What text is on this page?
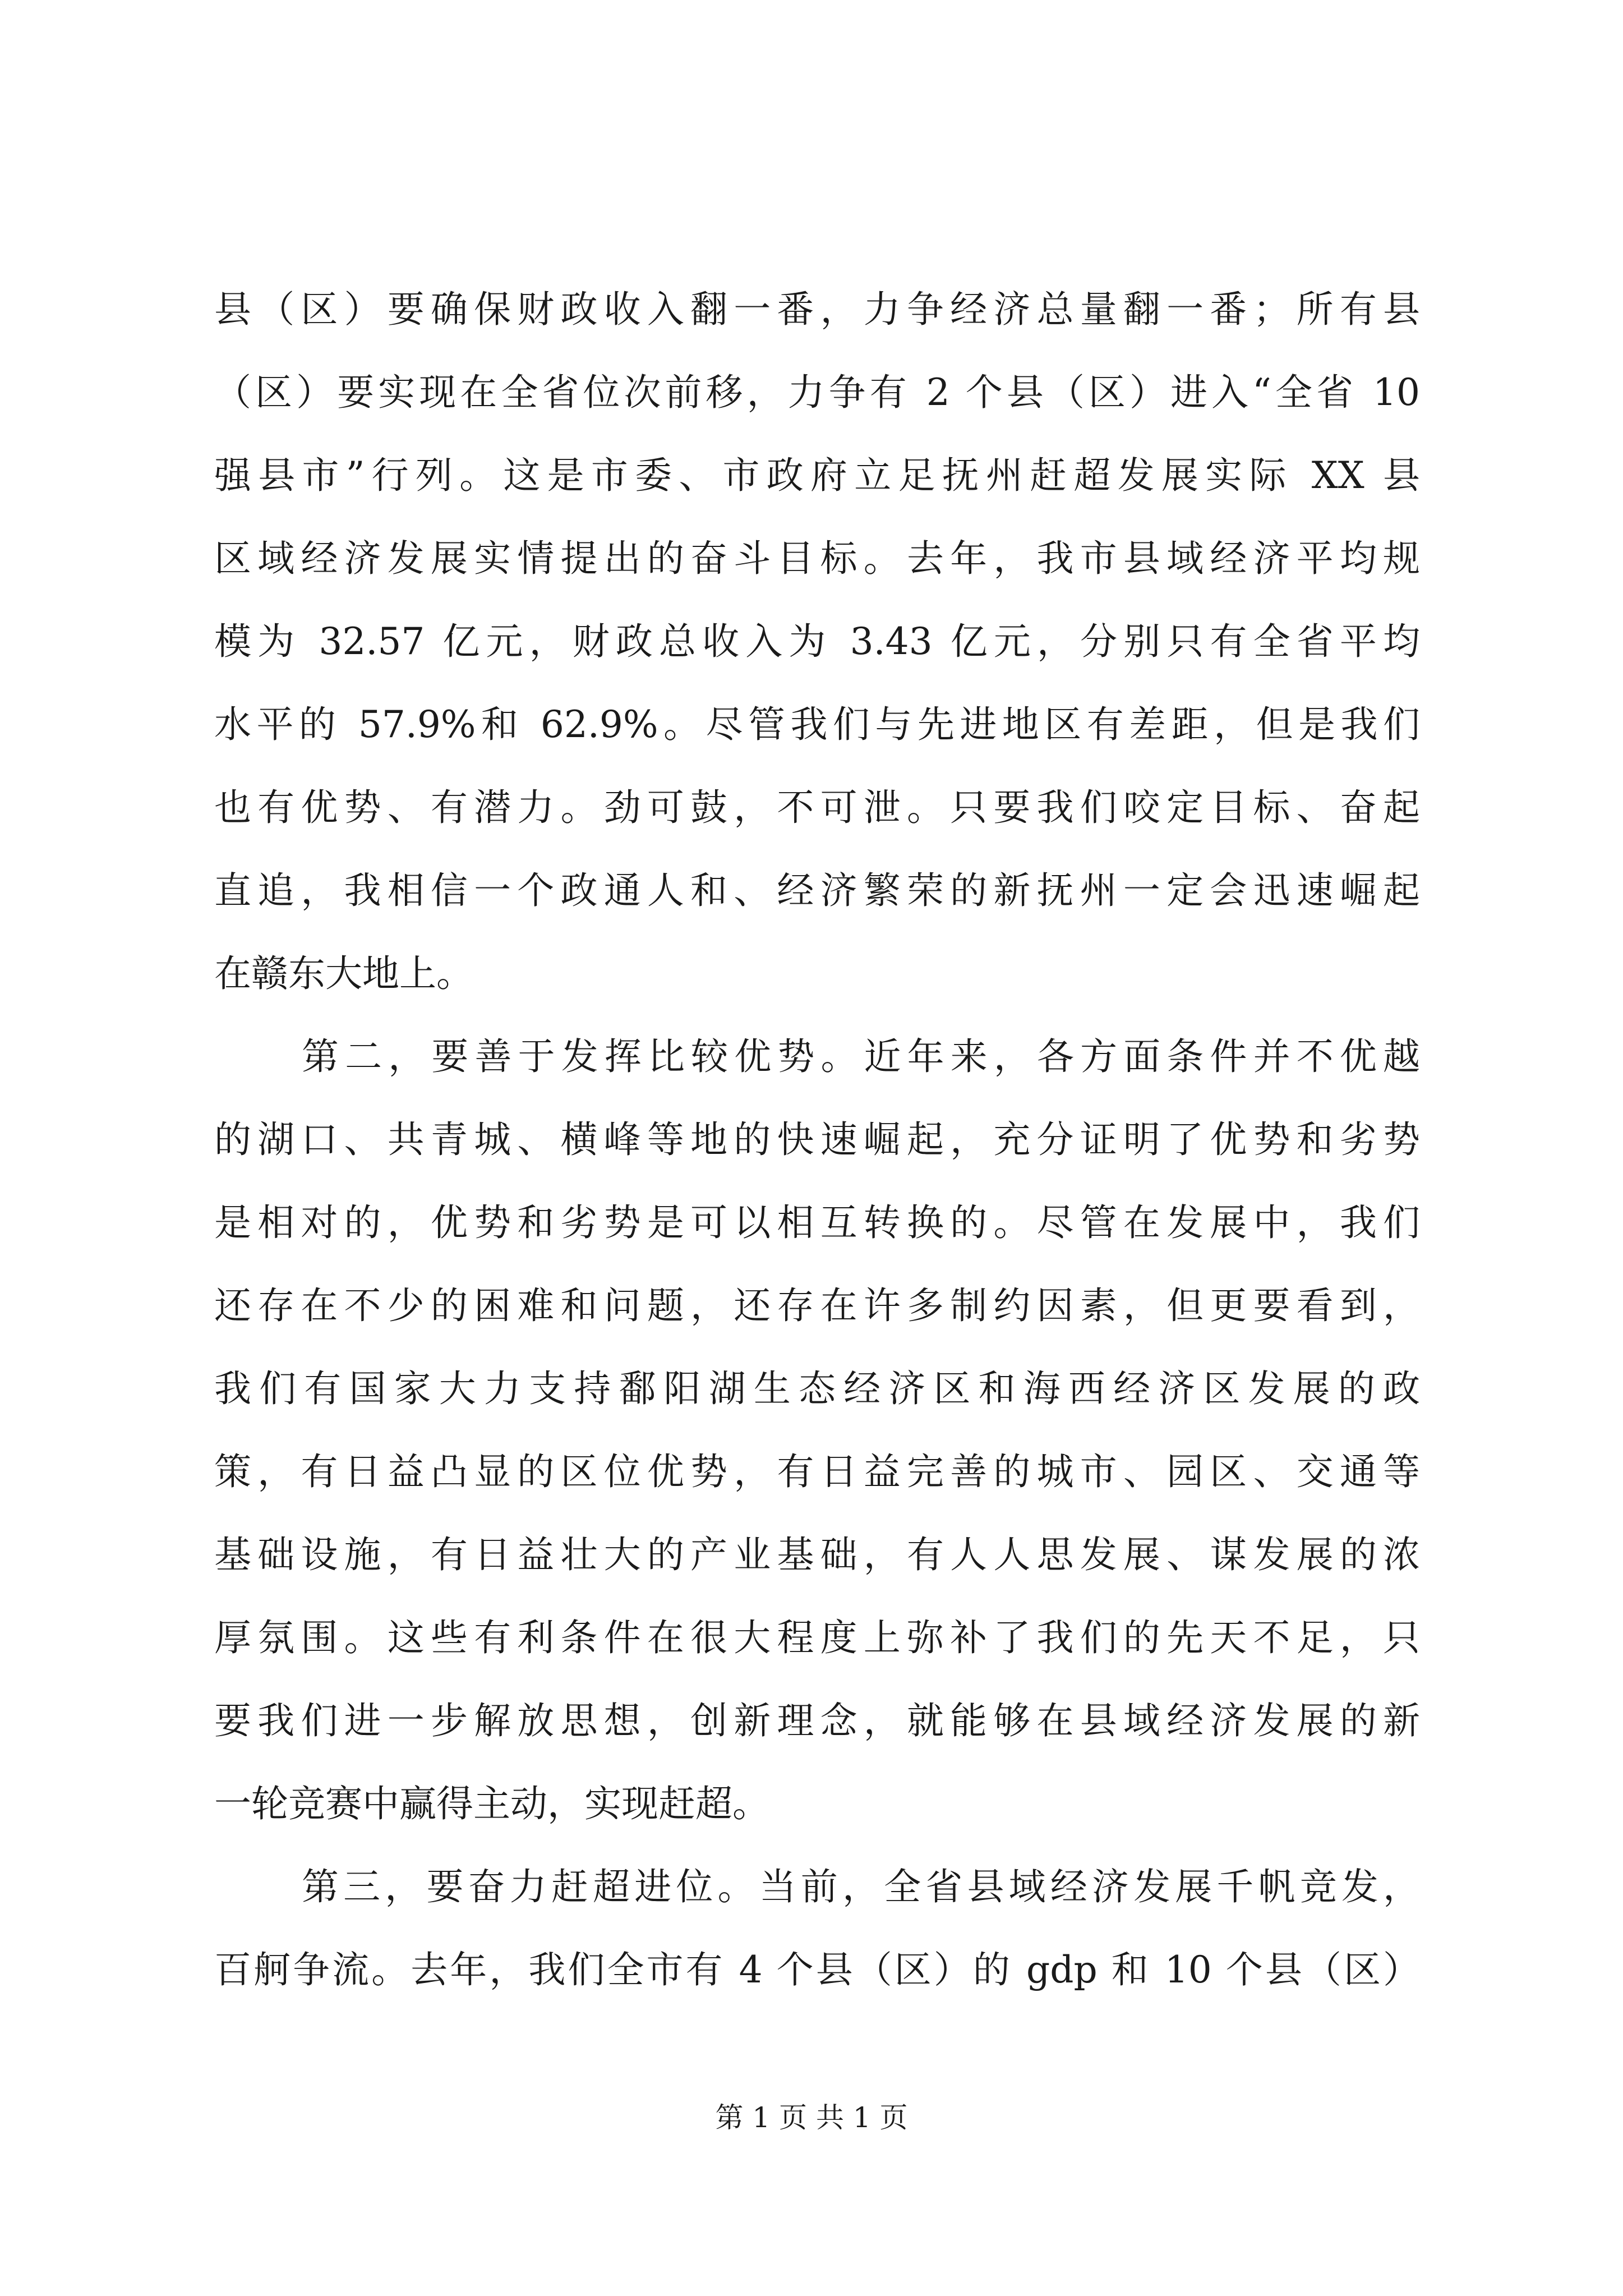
县（区）要确保财政收入翻一番，力争经济总量翻一番；所有县
（区）要实现在全省位次前移，力争有 2 个县（区）进入“全省 10
强县市”行列。这是市委、市政府立足抚州赶超发展实际 XX 县
区域经济发展实情提出的奋斗目标。去年，我市县域经济平均规
模为 32.57 亿元，财政总收入为 3.43 亿元，分别只有全省平均
水平的 57.9%和 62.9%。尽管我们与先进地区有差距，但是我们
也有优势、有潜力。劲可鼓，不可泄。只要我们咬定目标、奋起
直追，我相信一个政通人和、经济繁荣的新抚州一定会迅速崛起
在赣东大地上。
第二，要善于发挥比较优势。近年来，各方面条件并不优越
的湖口、共青城、横峰等地的快速崛起，充分证明了优势和劣势
是相对的，优势和劣势是可以相互转换的。尽管在发展中，我们
还存在不少的困难和问题，还存在许多制约因素，但更要看到，
我们有国家大力支持鄱阳湖生态经济区和海西经济区发展的政
策，有日益凸显的区位优势，有日益完善的城市、园区、交通等
基础设施，有日益壮大的产业基础，有人人思发展、谋发展的浓
厚氛围。这些有利条件在很大程度上弥补了我们的先天不足，只
要我们进一步解放思想，创新理念，就能够在县域经济发展的新
一轮竞赛中赢得主动，实现赶超。
第三，要奋力赶超进位。当前，全省县域经济发展千帆竞发，
百舸争流。去年，我们全市有 4 个县（区）的 gdp 和 10 个县（区）
第 1 页 共 1 页
